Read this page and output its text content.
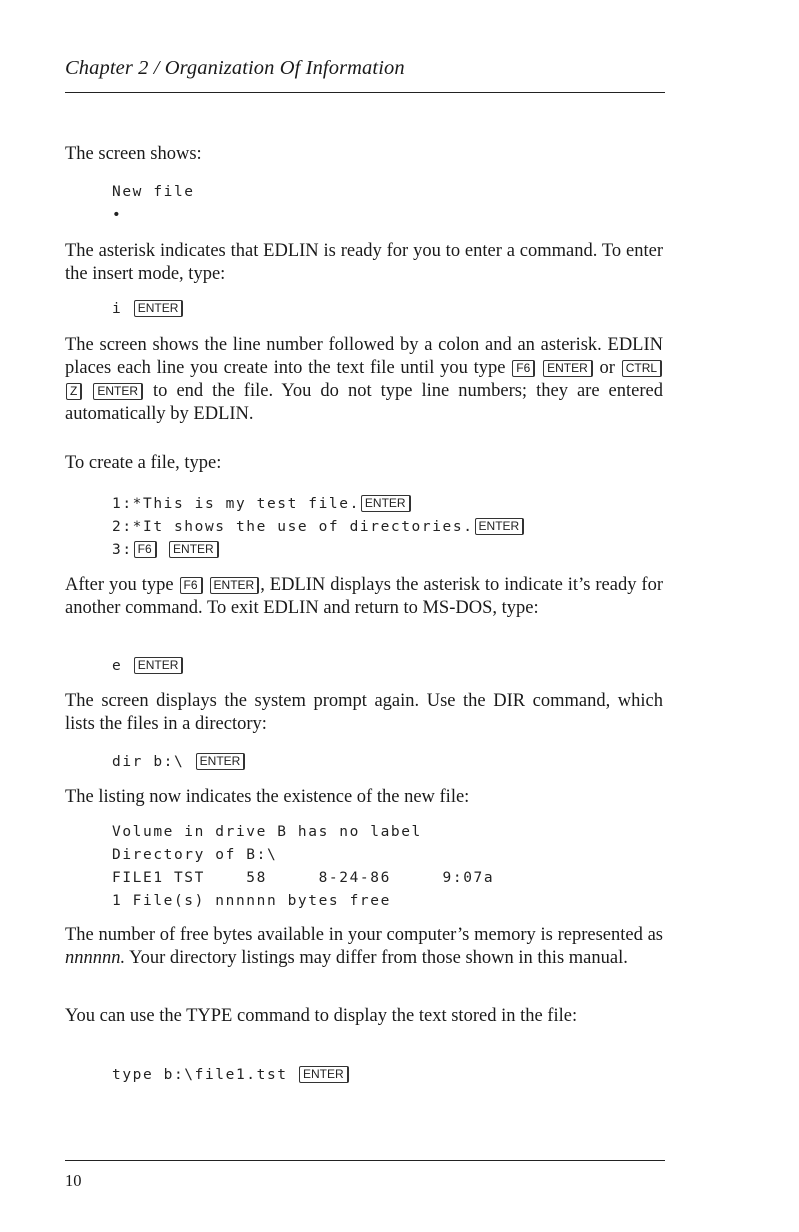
Chapter 2 / Organization Of Information
The screen shows:
New file
•
The asterisk indicates that EDLIN is ready for you to enter a command. To enter the insert mode, type:
i ENTER
The screen shows the line number followed by a colon and an asterisk. EDLIN places each line you create into the text file until you type F6 ENTER or CTRL Z ENTER to end the file. You do not type line numbers; they are entered automatically by EDLIN.
To create a file, type:
1:*This is my test file. ENTER
2:*It shows the use of directories. ENTER
3: F6 ENTER
After you type F6 ENTER , EDLIN displays the asterisk to indicate it’s ready for another command. To exit EDLIN and return to MS-DOS, type:
e ENTER
The screen displays the system prompt again. Use the DIR command, which lists the files in a directory:
dir b:\ ENTER
The listing now indicates the existence of the new file:
Volume in drive B has no label
Directory of B:\
FILE1 TST    58     8-24-86     9:07a
1 File(s) nnnnnn bytes free
The number of free bytes available in your computer’s memory is represented as nnnnnn. Your directory listings may differ from those shown in this manual.
You can use the TYPE command to display the text stored in the file:
type b:\file1.tst ENTER
10
